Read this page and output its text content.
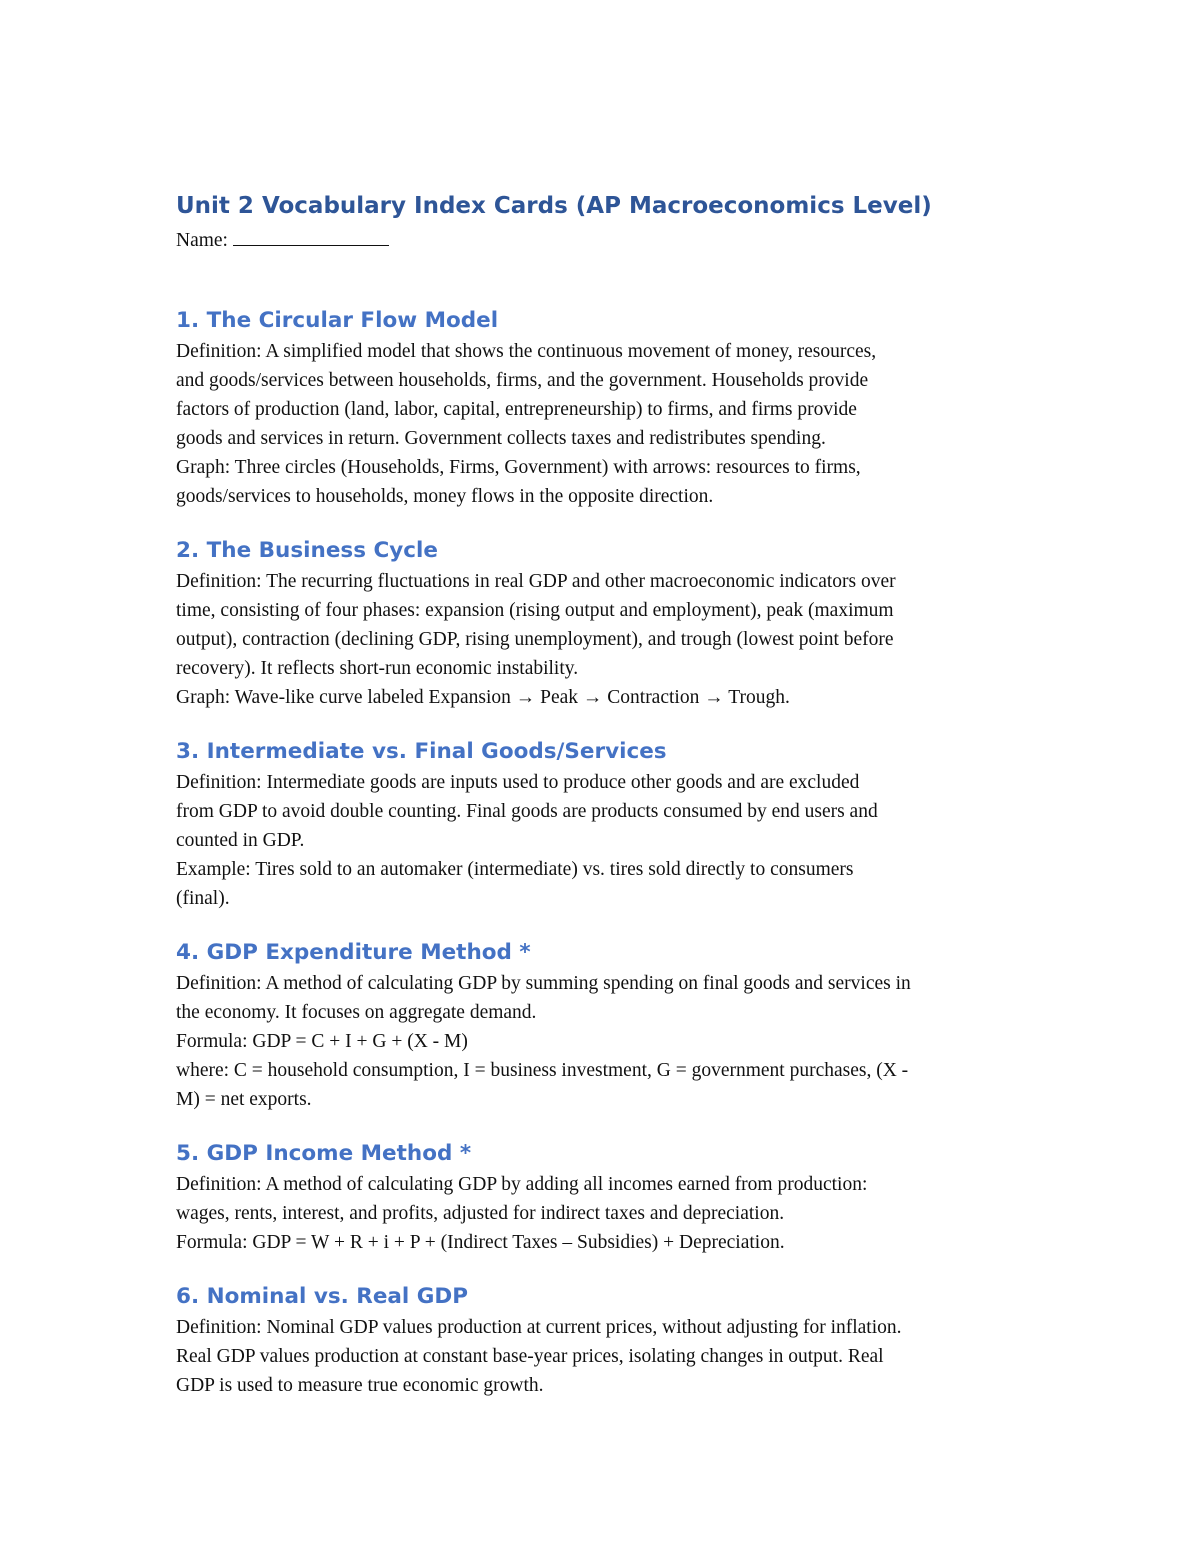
Unit 2 Vocabulary Index Cards (AP Macroeconomics Level)

Name:

1. The Circular Flow Model

Definition: A simplified model that shows the continuous movement of money, resources,

and goods/services between households, firms, and the government. Households provide

factors of production (land, labor, capital, entrepreneurship) to firms, and firms provide

goods and services in return. Government collects taxes and redistributes spending.

Graph: Three circles (Households, Firms, Government) with arrows: resources to firms,

goods/services to households, money flows in the opposite direction.

2. The Business Cycle

Definition: The recurring fluctuations in real GDP and other macroeconomic indicators over

time, consisting of four phases: expansion (rising output and employment), peak (maximum

output), contraction (declining GDP, rising unemployment), and trough (lowest point before

recovery). It reflects short-run economic instability.

Graph: Wave-like curve labeled Expansion → Peak → Contraction → Trough.

3. Intermediate vs. Final Goods/Services

Definition: Intermediate goods are inputs used to produce other goods and are excluded

from GDP to avoid double counting. Final goods are products consumed by end users and

counted in GDP.

Example: Tires sold to an automaker (intermediate) vs. tires sold directly to consumers

(final).

4. GDP Expenditure Method *

Definition: A method of calculating GDP by summing spending on final goods and services in

the economy. It focuses on aggregate demand.

Formula: GDP = C + I + G + (X - M)

where: C = household consumption, I = business investment, G = government purchases, (X -

M) = net exports.

5. GDP Income Method *

Definition: A method of calculating GDP by adding all incomes earned from production:

wages, rents, interest, and profits, adjusted for indirect taxes and depreciation.

Formula: GDP = W + R + i + P + (Indirect Taxes – Subsidies) + Depreciation.

6. Nominal vs. Real GDP

Definition: Nominal GDP values production at current prices, without adjusting for inflation.

Real GDP values production at constant base-year prices, isolating changes in output. Real

GDP is used to measure true economic growth.
